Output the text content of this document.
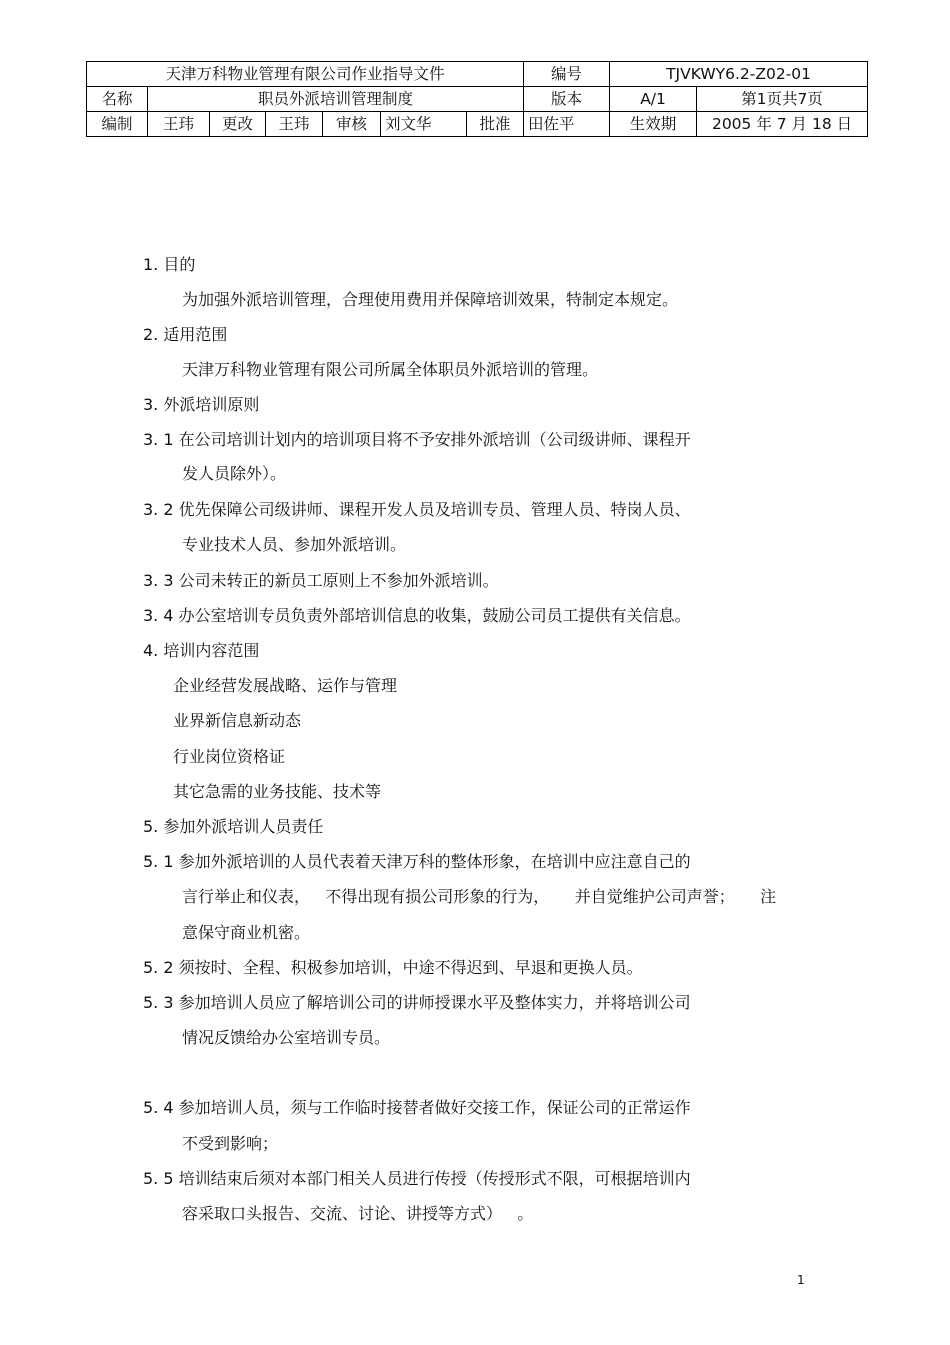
天津万科物业管理有限公司作业指导文件							编号	TJVKWY6.2-Z02-01	
名称	职员外派培训管理制度						版本	A/1	第1页共7页
编制	王玮	更改	王玮	审核	刘文华	批准	田佐平	生效期	2005 年 7 月 18 日
1. 目的
为加强外派培训管理，合理使用费用并保障培训效果，特制定本规定。
2. 适用范围
天津万科物业管理有限公司所属全体职员外派培训的管理。
3. 外派培训原则
3. 1 在公司培训计划内的培训项目将不予安排外派培训（公司级讲师、课程开
发人员除外）。
3. 2 优先保障公司级讲师、课程开发人员及培训专员、管理人员、特岗人员、
专业技术人员、参加外派培训。
3. 3 公司未转正的新员工原则上不参加外派培训。
3. 4 办公室培训专员负责外部培训信息的收集，鼓励公司员工提供有关信息。
4. 培训内容范围
企业经营发展战略、运作与管理
业界新信息新动态
行业岗位资格证
其它急需的业务技能、技术等
5. 参加外派培训人员责任
5. 1 参加外派培训的人员代表着天津万科的整体形象，在培训中应注意自己的
言行举止和仪表，   不得出现有损公司形象的行为，     并自觉维护公司声誉；     注
意保守商业机密。
5. 2 须按时、全程、积极参加培训，中途不得迟到、早退和更换人员。
5. 3 参加培训人员应了解培训公司的讲师授课水平及整体实力，并将培训公司
情况反馈给办公室培训专员。
5. 4 参加培训人员，须与工作临时接替者做好交接工作，保证公司的正常运作
不受到影响；
5. 5 培训结束后须对本部门相关人员进行传授（传授形式不限，可根据培训内
容采取口头报告、交流、讨论、讲授等方式）   。
1
